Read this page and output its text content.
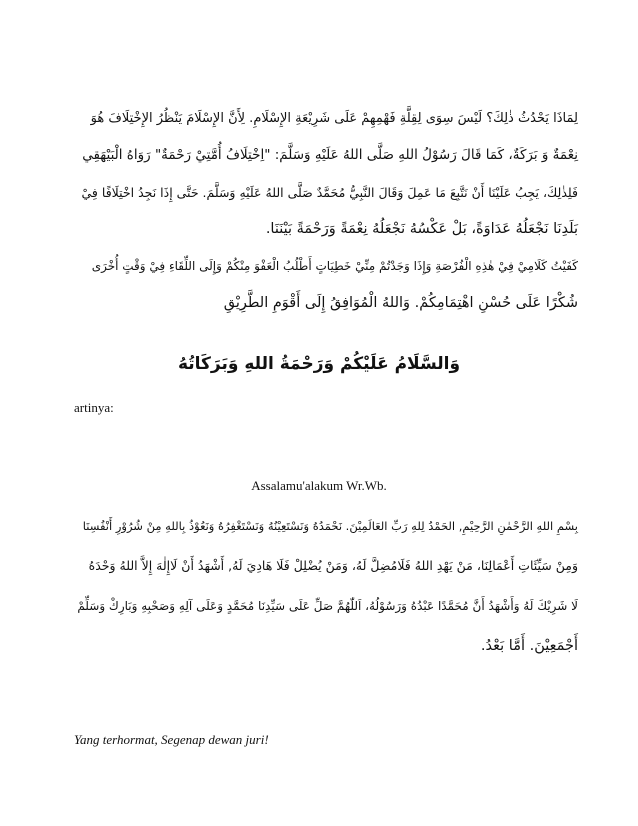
لِمَاذَا يَحْدُثُ ذٰلِكَ؟ لَيْسَ سِوَى لِقِلَّةِ فَهْمِهِمْ عَلَى شَرِيْعَةِ الإِسْلَامِ. لِأَنَّ الإِسْلَامَ يَنْظُرُ الإِخْتِلَافَ هُوَ
نِعْمَةٌ وَ بَرَكَةٌ، كَمَا قَالَ رَسُوْلُ اللهِ صَلَّى اللهُ عَلَيْهِ وَسَلَّمَ: "اِخْتِلَافُ أُمَّتِيْ رَحْمَةٌ" رَوَاهُ الْبَيْهَقِي
فَلِذٰلِكَ، يَجِبُ عَلَيْنَا أَنْ نَتَّبِعَ مَا عَمِلَ وَقَالَ النَّبِيُّ مُحَمَّدٌ صَلَّى اللهُ عَلَيْهِ وَسَلَّمَ. حَتَّى إِذَا نَجِدُ اخْتِلَافًا فِيْ
بَلَدِنَا نَجْعَلُهُ عَدَاوَةً، بَلْ عَكْسُهُ نَجْعَلُهُ نِعْمَةً وَرَحْمَةً بَيْنَنَا.
كَفَيْتُ كَلَامِيْ فِيْ هٰذِهِ الْفُرْصَةِ وَإِذَا وَجَدْتُمْ مِنِّيْ خَطِيَاتٍ أَطْلُبُ الْعَفْوَ مِنْكُمْ وَإِلَى اللِّقَاءِ فِيْ وَقْتٍ أُخْرَى
شُكْرًا عَلَى حُسْنِ اهْتِمَامِكُمْ. وَاللهُ الْمُوَافِقُ إِلَى أَقْوَمِ الطَّرِيْقِ
وَالسَّلَامُ عَلَيْكُمْ وَرَحْمَةُ اللهِ وَبَرَكَاتُهُ
artinya:
Assalamu'alakum Wr.Wb.
بِسْمِ اللهِ الرَّحْمٰنِ الرَّحِيْمِ, الحَمْدُ لِلهِ رَبِّ العَالَمِيْنَ. نَحْمَدُهُ وَنَسْتَعِيْنُهُ وَنَسْتَغْفِرُهُ وَنَعُوْذُ بِاللهِ مِنْ شُرُوْرِ أَنْفُسِنَا
وَمِنْ سَيِّئَاتِ أَعْمَالِنَا، مَنْ يَهْدِ اللهُ فَلَامُضِلَّ لَهُ، وَمَنْ يُضْلِلْ فَلَا هَادِيَ لَهُ, أَشْهَدُ أَنْ لَاإِلٰهَ إِلاَّ اللهُ وَحْدَهُ
لَا شَرِيْكَ لَهُ وَأَشْهَدُ أَنَّ مُحَمَّدًا عَبْدُهُ وَرَسُوْلُهُ، اَللّٰهُمَّ صَلِّ عَلَى سَيِّدِنَا مُحَمَّدٍ وَعَلَى آلِهِ وَصَحْبِهِ وَبَارِكْ وَسَلِّمْ
أَجْمَعِيْنَ. أَمَّا بَعْدُ.
Yang terhormat, Segenap dewan juri!
